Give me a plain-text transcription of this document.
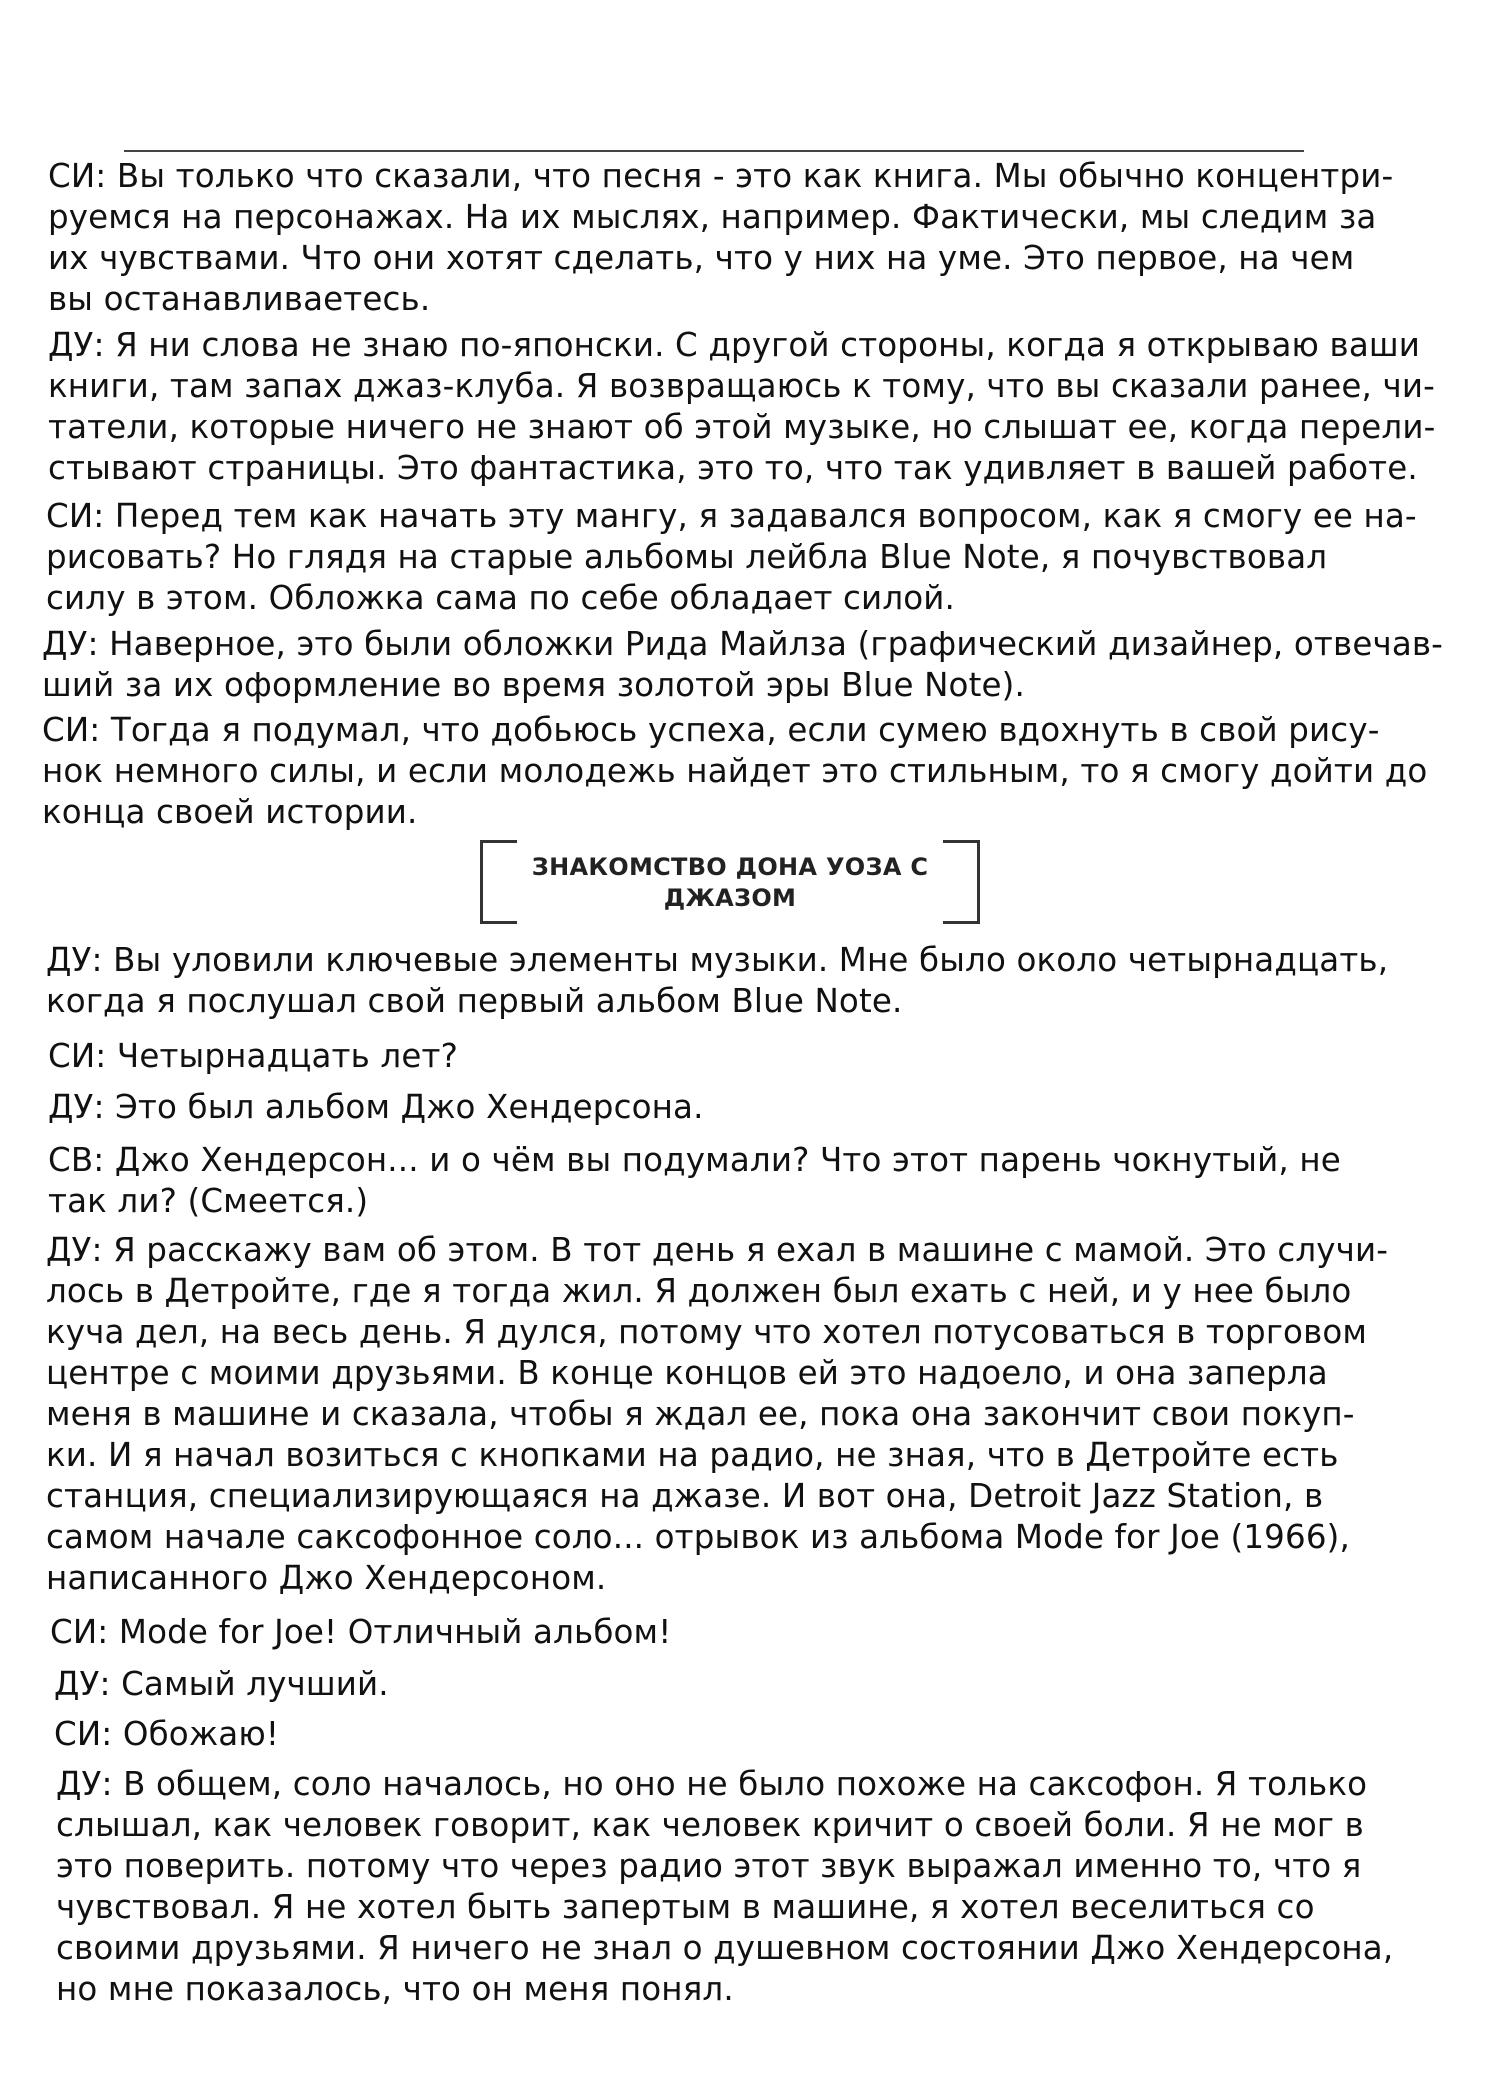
СИ: Вы только что сказали, что песня - это как книга. Мы обычно концентри-
руемся на персонажах. На их мыслях, например. Фактически, мы следим за
их чувствами. Что они хотят сделать, что у них на уме. Это первое, на чем
вы останавливаетесь.
ДУ: Я ни слова не знаю по-японски. С другой стороны, когда я открываю ваши
книги, там запах джаз-клуба. Я возвращаюсь к тому, что вы сказали ранее, чи-
татели, которые ничего не знают об этой музыке, но слышат ее, когда перели-
стывают страницы. Это фантастика, это то, что так удивляет в вашей работе.
СИ: Перед тем как начать эту мангу, я задавался вопросом, как я смогу ее на-
рисовать? Но глядя на старые альбомы лейбла Blue Note, я почувствовал
силу в этом. Обложка сама по себе обладает силой.
ДУ: Наверное, это были обложки Рида Майлза (графический дизайнер, отвечав-
ший за их оформление во время золотой эры Blue Note).
СИ: Тогда я подумал, что добьюсь успеха, если сумею вдохнуть в свой рису-
нок немного силы, и если молодежь найдет это стильным, то я смогу дойти до
конца своей истории.
ДУ: Вы уловили ключевые элементы музыки. Мне было около четырнадцать,
когда я послушал свой первый альбом Blue Note.
СИ: Четырнадцать лет?
ДУ: Это был альбом Джо Хендерсона.
СВ: Джо Хендерсон... и о чём вы подумали? Что этот парень чокнутый, не
так ли? (Смеется.)
ДУ: Я расскажу вам об этом. В тот день я ехал в машине с мамой. Это случи-
лось в Детройте, где я тогда жил. Я должен был ехать с ней, и у нее было
куча дел, на весь день. Я дулся, потому что хотел потусоваться в торговом
центре с моими друзьями. В конце концов ей это надоело, и она заперла
меня в машине и сказала, чтобы я ждал ее, пока она закончит свои покуп-
ки. И я начал возиться с кнопками на радио, не зная, что в Детройте есть
станция, специализирующаяся на джазе. И вот она, Detroit Jazz Station, в
самом начале саксофонное соло... отрывок из альбома Mode for Joe (1966),
написанного Джо Хендерсоном.
СИ: Mode for Joe! Отличный альбом!
ДУ: Самый лучший.
СИ: Обожаю!
ДУ: В общем, соло началось, но оно не было похоже на саксофон. Я только
слышал, как человек говорит, как человек кричит о своей боли. Я не мог в
это поверить. потому что через радио этот звук выражал именно то, что я
чувствовал. Я не хотел быть запертым в машине, я хотел веселиться со
своими друзьями. Я ничего не знал о душевном состоянии Джо Хендерсона,
но мне показалось, что он меня понял.
ЗНАКОМСТВО ДОНА УОЗА С
ДЖАЗОМ
